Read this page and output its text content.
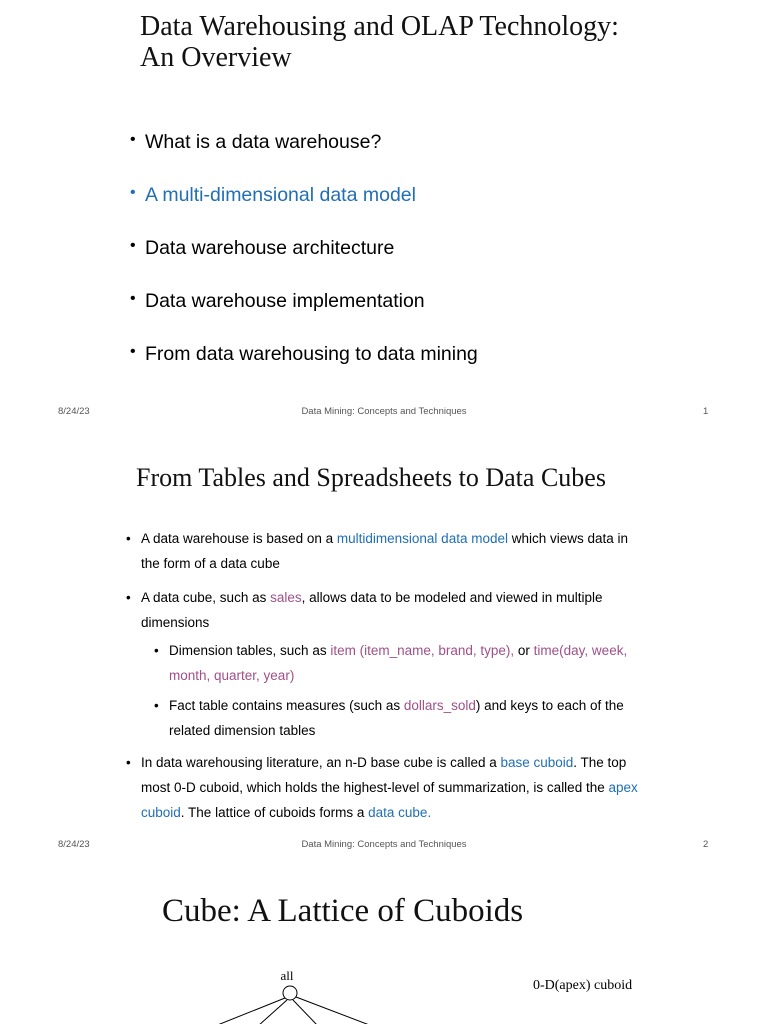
Data Warehousing and OLAP Technology:
An Overview
• What is a data warehouse?
• A multi-dimensional data model
• Data warehouse architecture
• Data warehouse implementation
• From data warehousing to data mining
8/24/23	Data Mining: Concepts and Techniques	1
From Tables and Spreadsheets to Data Cubes
• A data warehouse is based on a multidimensional data model which views data in the form of a data cube
• A data cube, such as sales, allows data to be modeled and viewed in multiple dimensions
• Dimension tables, such as item (item_name, brand, type), or time(day, week, month, quarter, year)
• Fact table contains measures (such as dollars_sold) and keys to each of the related dimension tables
• In data warehousing literature, an n-D base cube is called a base cuboid. The top most 0-D cuboid, which holds the highest-level of summarization, is called the apex cuboid. The lattice of cuboids forms a data cube.
8/24/23	Data Mining: Concepts and Techniques	2
Cube: A Lattice of Cuboids
all
0-D(apex) cuboid
